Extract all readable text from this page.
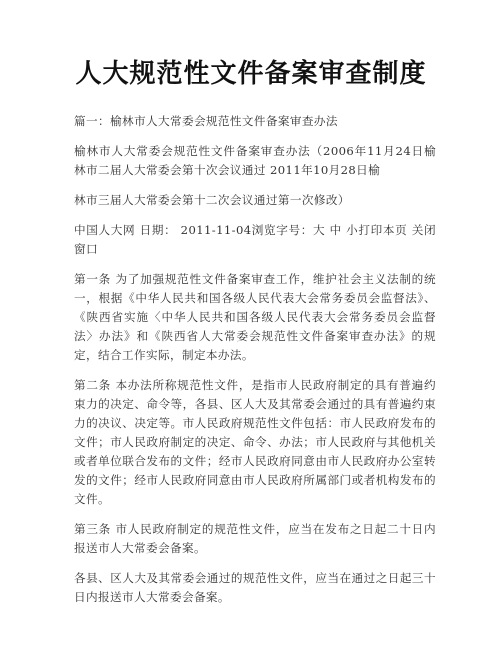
人大规范性文件备案审查制度

篇一：榆林市人大常委会规范性文件备案审查办法

榆林市人大常委会规范性文件备案审查办法（2006年11月24日榆林市二届人大常委会第十次会议通过 2011年10月28日榆

林市三届人大常委会第十二次会议通过第一次修改）

中国人大网 日期： 2011-11-04浏览字号：大 中 小打印本页 关闭窗口

第一条 为了加强规范性文件备案审查工作，维护社会主义法制的统一，根据《中华人民共和国各级人民代表大会常务委员会监督法》、《陕西省实施〈中华人民共和国各级人民代表大会常务委员会监督法〉办法》和《陕西省人大常委会规范性文件备案审查办法》的规定，结合工作实际，制定本办法。

第二条 本办法所称规范性文件，是指市人民政府制定的具有普遍约束力的决定、命令等，各县、区人大及其常委会通过的具有普遍约束力的决议、决定等。市人民政府规范性文件包括：市人民政府发布的文件；市人民政府制定的决定、命令、办法；市人民政府与其他机关或者单位联合发布的文件；经市人民政府同意由市人民政府办公室转发的文件；经市人民政府同意由市人民政府所属部门或者机构发布的文件。

第三条 市人民政府制定的规范性文件，应当在发布之日起二十日内报送市人大常委会备案。

各县、区人大及其常委会通过的规范性文件，应当在通过之日起三十日内报送市人大常委会备案。
